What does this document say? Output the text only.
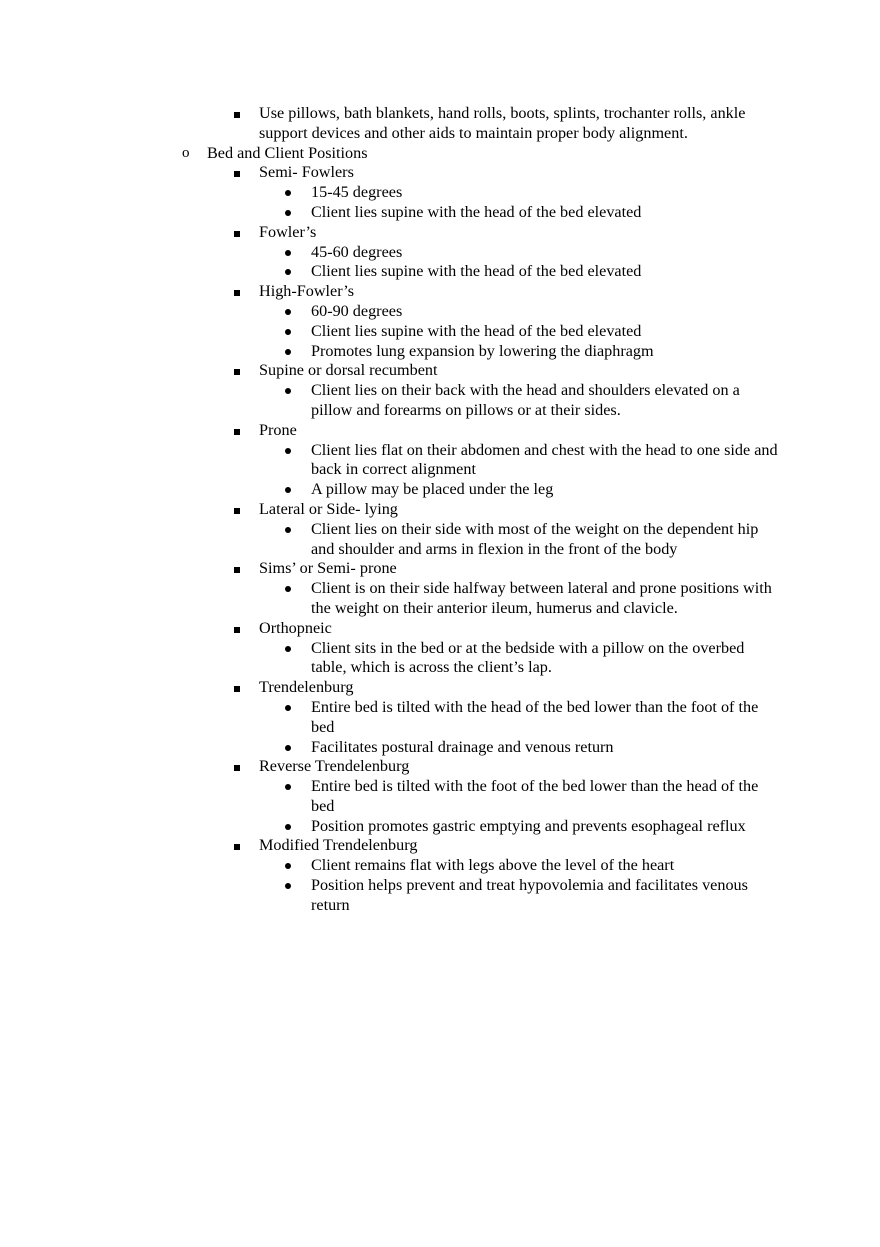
Use pillows, bath blankets, hand rolls, boots, splints, trochanter rolls, ankle support devices and other aids to maintain proper body alignment.
o Bed and Client Positions
Semi- Fowlers
15-45 degrees
Client lies supine with the head of the bed elevated
Fowler’s
45-60 degrees
Client lies supine with the head of the bed elevated
High-Fowler’s
60-90 degrees
Client lies supine with the head of the bed elevated
Promotes lung expansion by lowering the diaphragm
Supine or dorsal recumbent
Client lies on their back with the head and shoulders elevated on a pillow and forearms on pillows or at their sides.
Prone
Client lies flat on their abdomen and chest with the head to one side and back in correct alignment
A pillow may be placed under the leg
Lateral or Side- lying
Client lies on their side with most of the weight on the dependent hip and shoulder and arms in flexion in the front of the body
Sims’ or Semi- prone
Client is on their side halfway between lateral and prone positions with the weight on their anterior ileum, humerus and clavicle.
Orthopneic
Client sits in the bed or at the bedside with a pillow on the overbed table, which is across the client’s lap.
Trendelenburg
Entire bed is tilted with the head of the bed lower than the foot of the bed
Facilitates postural drainage and venous return
Reverse Trendelenburg
Entire bed is tilted with the foot of the bed lower than the head of the bed
Position promotes gastric emptying and prevents esophageal reflux
Modified Trendelenburg
Client remains flat with legs above the level of the heart
Position helps prevent and treat hypovolemia and facilitates venous return
